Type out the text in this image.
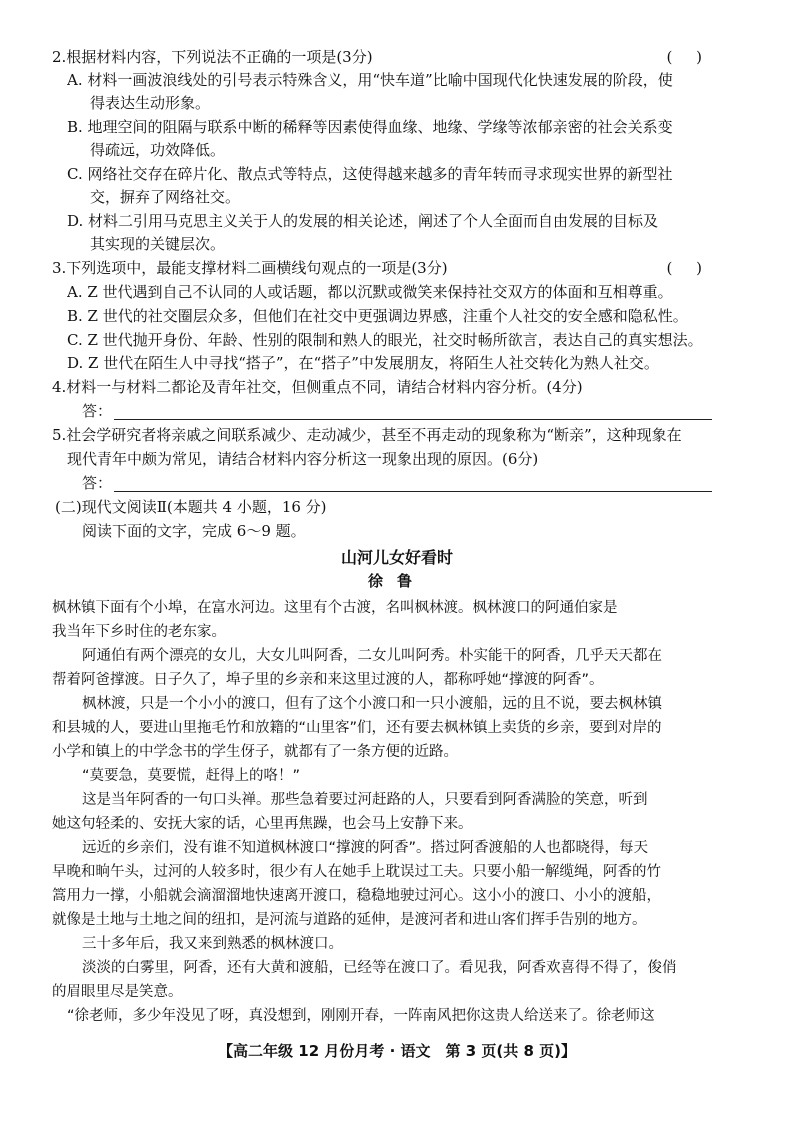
2.根据材料内容，下列说法不正确的一项是(3分)	(     )
A. 材料一画波浪线处的引号表示特殊含义，用“快车道”比喻中国现代化快速发展的阶段，使
得表达生动形象。
B. 地理空间的阻隔与联系中断的稀释等因素使得血缘、地缘、学缘等浓郁亲密的社会关系变
得疏远，功效降低。
C. 网络社交存在碎片化、散点式等特点，这使得越来越多的青年转而寻求现实世界的新型社
交，摒弃了网络社交。
D. 材料二引用马克思主义关于人的发展的相关论述，阐述了个人全面而自由发展的目标及
其实现的关键层次。
3.下列选项中，最能支撑材料二画横线句观点的一项是(3分)	(     )
A. Z 世代遇到自己不认同的人或话题，都以沉默或微笑来保持社交双方的体面和互相尊重。
B. Z 世代的社交圈层众多，但他们在社交中更强调边界感，注重个人社交的安全感和隐私性。
C. Z 世代抛开身份、年龄、性别的限制和熟人的眼光，社交时畅所欲言，表达自己的真实想法。
D. Z 世代在陌生人中寻找“搭子”，在“搭子”中发展朋友，将陌生人社交转化为熟人社交。
4.材料一与材料二都论及青年社交，但侧重点不同，请结合材料内容分析。(4分)
答：
5.社会学研究者将亲戚之间联系减少、走动减少，甚至不再走动的现象称为“断亲”，这种现象在
现代青年中颇为常见，请结合材料内容分析这一现象出现的原因。(6分)
答：
(二)现代文阅读Ⅱ(本题共 4 小题，16 分)
阅读下面的文字，完成 6～9 题。
山河儿女好看时
徐鲁
枫林镇下面有个小埠，在富水河边。这里有个古渡，名叫枫林渡。枫林渡口的阿通伯家是
我当年下乡时住的老东家。
阿通伯有两个漂亮的女儿，大女儿叫阿香，二女儿叫阿秀。朴实能干的阿香，几乎天天都在
帮着阿爸撑渡。日子久了，埠子里的乡亲和来这里过渡的人，都称呼她“撑渡的阿香”。
枫林渡，只是一个小小的渡口，但有了这个小渡口和一只小渡船，远的且不说，要去枫林镇
和县城的人，要进山里拖毛竹和放籍的“山里客”们，还有要去枫林镇上卖货的乡亲，要到对岸的
小学和镇上的中学念书的学生伢子，就都有了一条方便的近路。
“莫要急，莫要慌，赶得上的咯！”
这是当年阿香的一句口头禅。那些急着要过河赶路的人，只要看到阿香满脸的笑意，听到
她这句轻柔的、安抚大家的话，心里再焦躁，也会马上安静下来。
远近的乡亲们，没有谁不知道枫林渡口“撑渡的阿香”。搭过阿香渡船的人也都晓得，每天
早晚和晌午头，过河的人较多时，很少有人在她手上耽误过工夫。只要小船一解缆绳，阿香的竹
篙用力一撑，小船就会滴溜溜地快速离开渡口，稳稳地驶过河心。这小小的渡口、小小的渡船，
就像是土地与土地之间的纽扣，是河流与道路的延伸，是渡河者和进山客们挥手告别的地方。
三十多年后，我又来到熟悉的枫林渡口。
淡淡的白雾里，阿香，还有大黄和渡船，已经等在渡口了。看见我，阿香欢喜得不得了，俊俏
的眉眼里尽是笑意。
“徐老师，多少年没见了呀，真没想到，刚刚开春，一阵南风把你这贵人给送来了。徐老师这
【高二年级 12 月份月考 · 语文　第 3 页(共 8 页)】
